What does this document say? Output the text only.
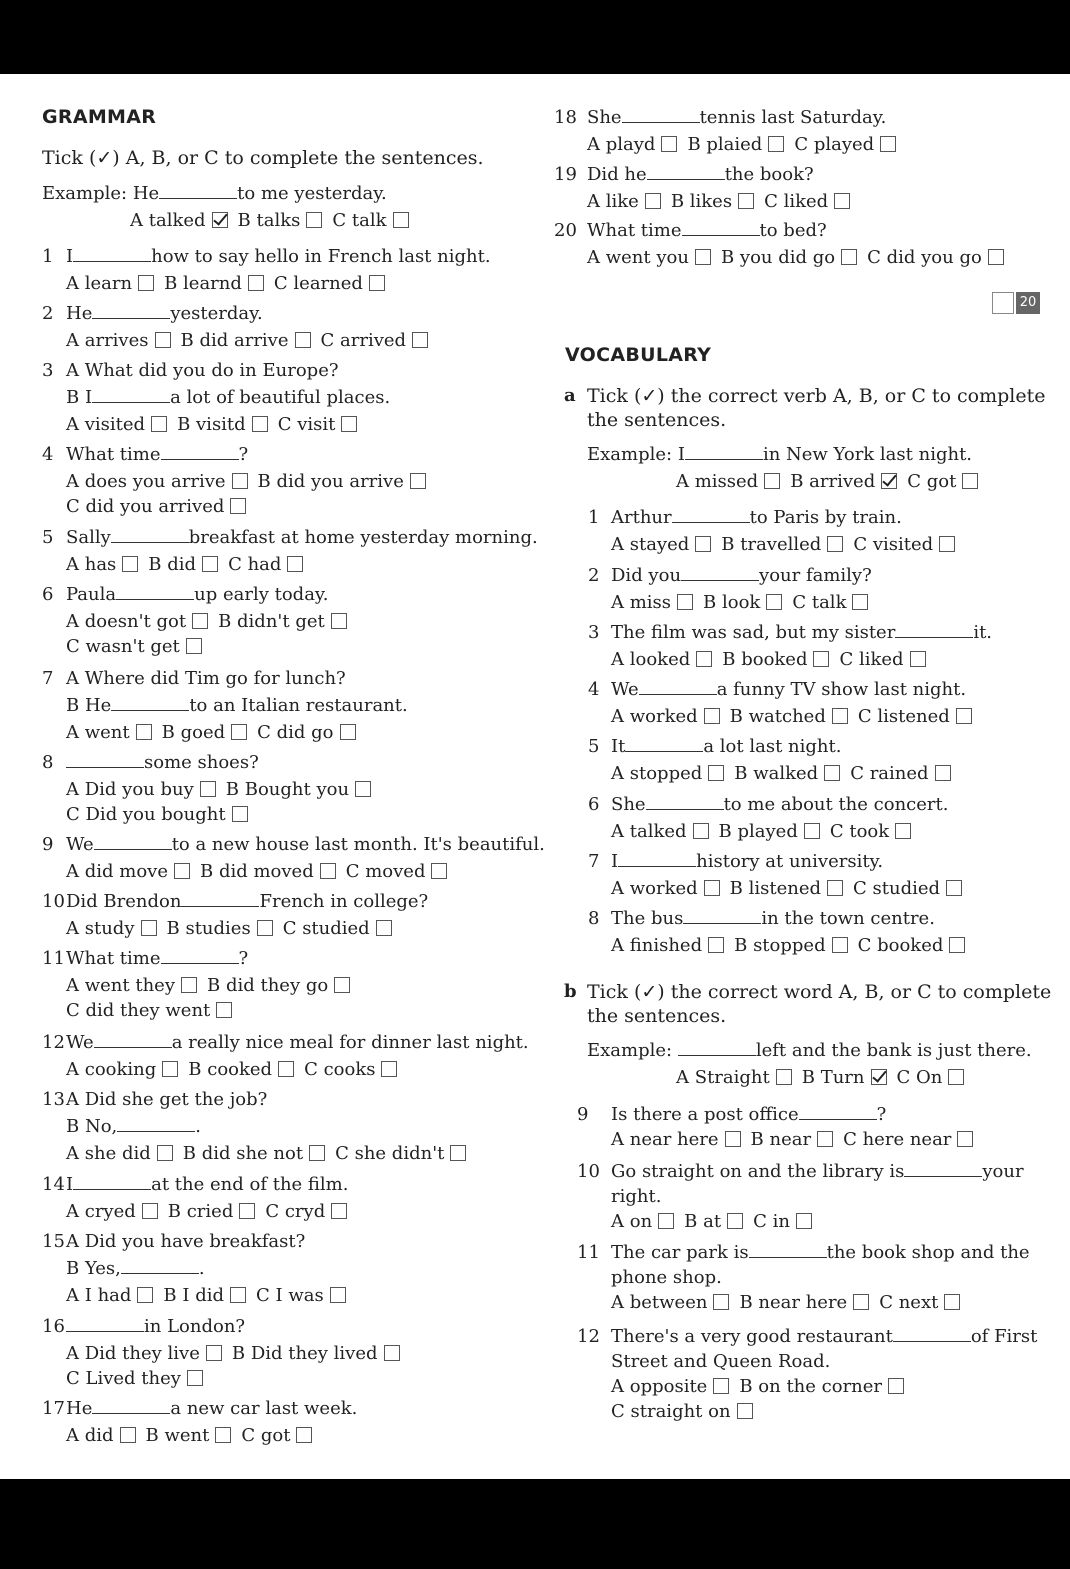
GRAMMAR
Tick (✓) A, B, or C to complete the sentences.
Example: He	to me yesterday.
A talked B talks C talk
1 I	how to say hello in French last night.
A learn B learnd C learned
2 He	yesterday.
A arrives B did arrive C arrived
3 A What did you do in Europe?
B I	a lot of beautiful places.
A visited B visitd C visit
4 What time	?
A does you arrive B did you arrive
C did you arrived
5 Sally	breakfast at home yesterday morning.
A has B did C had
6 Paula	up early today.
A doesn't got B didn't get
C wasn't get
7 A Where did Tim go for lunch?
B He	to an Italian restaurant.
A went B goed C did go
8	some shoes?
A Did you buy B Bought you
C Did you bought
9 We	to a new house last month. It's beautiful.
A did move B did moved C moved
10 Did Brendon	French in college?
A study B studies C studied
11 What time	?
A went they B did they go
C did they went
12 We	a really nice meal for dinner last night.
A cooking B cooked C cooks
13 A Did she get the job?
B No,	.
A she did B did she not C she didn't
14 I	at the end of the film.
A cryed B cried C cryd
15 A Did you have breakfast?
B Yes,	.
A I had B I did C I was
16	in London?
A Did they live B Did they lived
C Lived they
17 He	a new car last week.
A did B went C got
18 She	tennis last Saturday.
A playd B plaied C played
19 Did he	the book?
A like B likes C liked
20 What time	to bed?
A went you B you did go C did you go
20
VOCABULARY
a Tick (✓) the correct verb A, B, or C to complete
the sentences.
Example: I	in New York last night.
A missed B arrived C got
1 Arthur	to Paris by train.
A stayed B travelled C visited
2 Did you	your family?
A miss B look C talk
3 The film was sad, but my sister	it.
A looked B booked C liked
4 We	a funny TV show last night.
A worked B watched C listened
5 It	a lot last night.
A stopped B walked C rained
6 She	to me about the concert.
A talked B played C took
7 I	history at university.
A worked B listened C studied
8 The bus	in the town centre.
A finished B stopped C booked
b Tick (✓) the correct word A, B, or C to complete
the sentences.
Example:	left and the bank is just there.
A Straight B Turn C On
9	Is there a post office	?
A near here B near C here near
10 Go straight on and the library is	your
right.
A on B at C in
11 The car park is	the book shop and the
phone shop.
A between B near here C next
12 There's a very good restaurant	of First
Street and Queen Road.
A opposite B on the corner
C straight on
